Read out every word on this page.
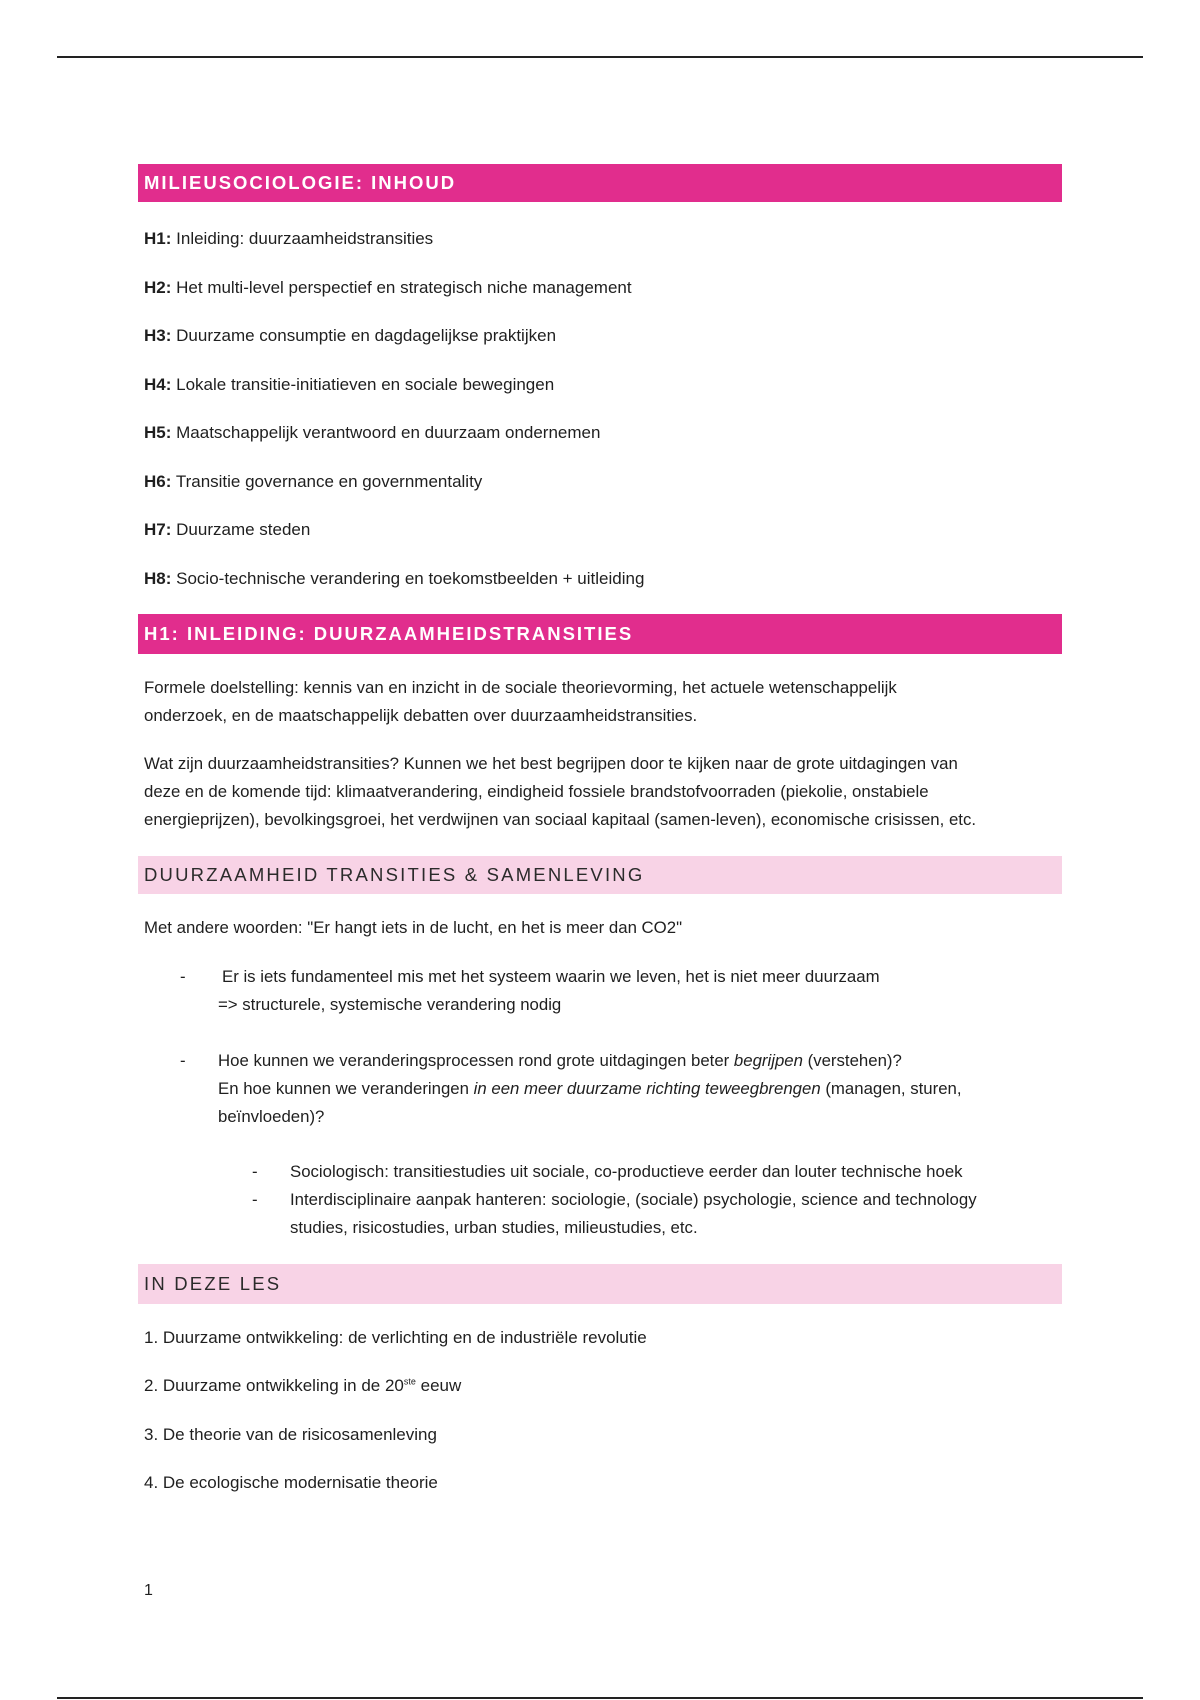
MILIEUSOCIOLOGIE: INHOUD

H1: Inleiding: duurzaamheidstransities

H2: Het multi-level perspectief en strategisch niche management

H3: Duurzame consumptie en dagdagelijkse praktijken

H4: Lokale transitie-initiatieven en sociale bewegingen

H5: Maatschappelijk verantwoord en duurzaam ondernemen

H6: Transitie governance en governmentality

H7: Duurzame steden

H8: Socio-technische verandering en toekomstbeelden + uitleiding

H1: INLEIDING: DUURZAAMHEIDSTRANSITIES

Formele doelstelling: kennis van en inzicht in de sociale theorievorming, het actuele wetenschappelijk
onderzoek, en de maatschappelijk debatten over duurzaamheidstransities.

Wat zijn duurzaamheidstransities? Kunnen we het best begrijpen door te kijken naar de grote uitdagingen van
deze en de komende tijd: klimaatverandering, eindigheid fossiele brandstofvoorraden (piekolie, onstabiele
energieprijzen), bevolkingsgroei, het verdwijnen van sociaal kapitaal (samen-leven), economische crisissen, etc.

DUURZAAMHEID TRANSITIES & SAMENLEVING

Met andere woorden: "Er hangt iets in de lucht, en het is meer dan CO2"

- Er is iets fundamenteel mis met het systeem waarin we leven, het is niet meer duurzaam
=> structurele, systemische verandering nodig
- Hoe kunnen we veranderingsprocessen rond grote uitdagingen beter begrijpen (verstehen)?
En hoe kunnen we veranderingen in een meer duurzame richting teweegbrengen (managen, sturen,
beïnvloeden)?
- Sociologisch: transitiestudies uit sociale, co-productieve eerder dan louter technische hoek
- Interdisciplinaire aanpak hanteren: sociologie, (sociale) psychologie, science and technology
studies, risicostudies, urban studies, milieustudies, etc.
IN DEZE LES

1. Duurzame ontwikkeling: de verlichting en de industriële revolutie

2. Duurzame ontwikkeling in de 20ste eeuw

3. De theorie van de risicosamenleving

4. De ecologische modernisatie theorie

1
